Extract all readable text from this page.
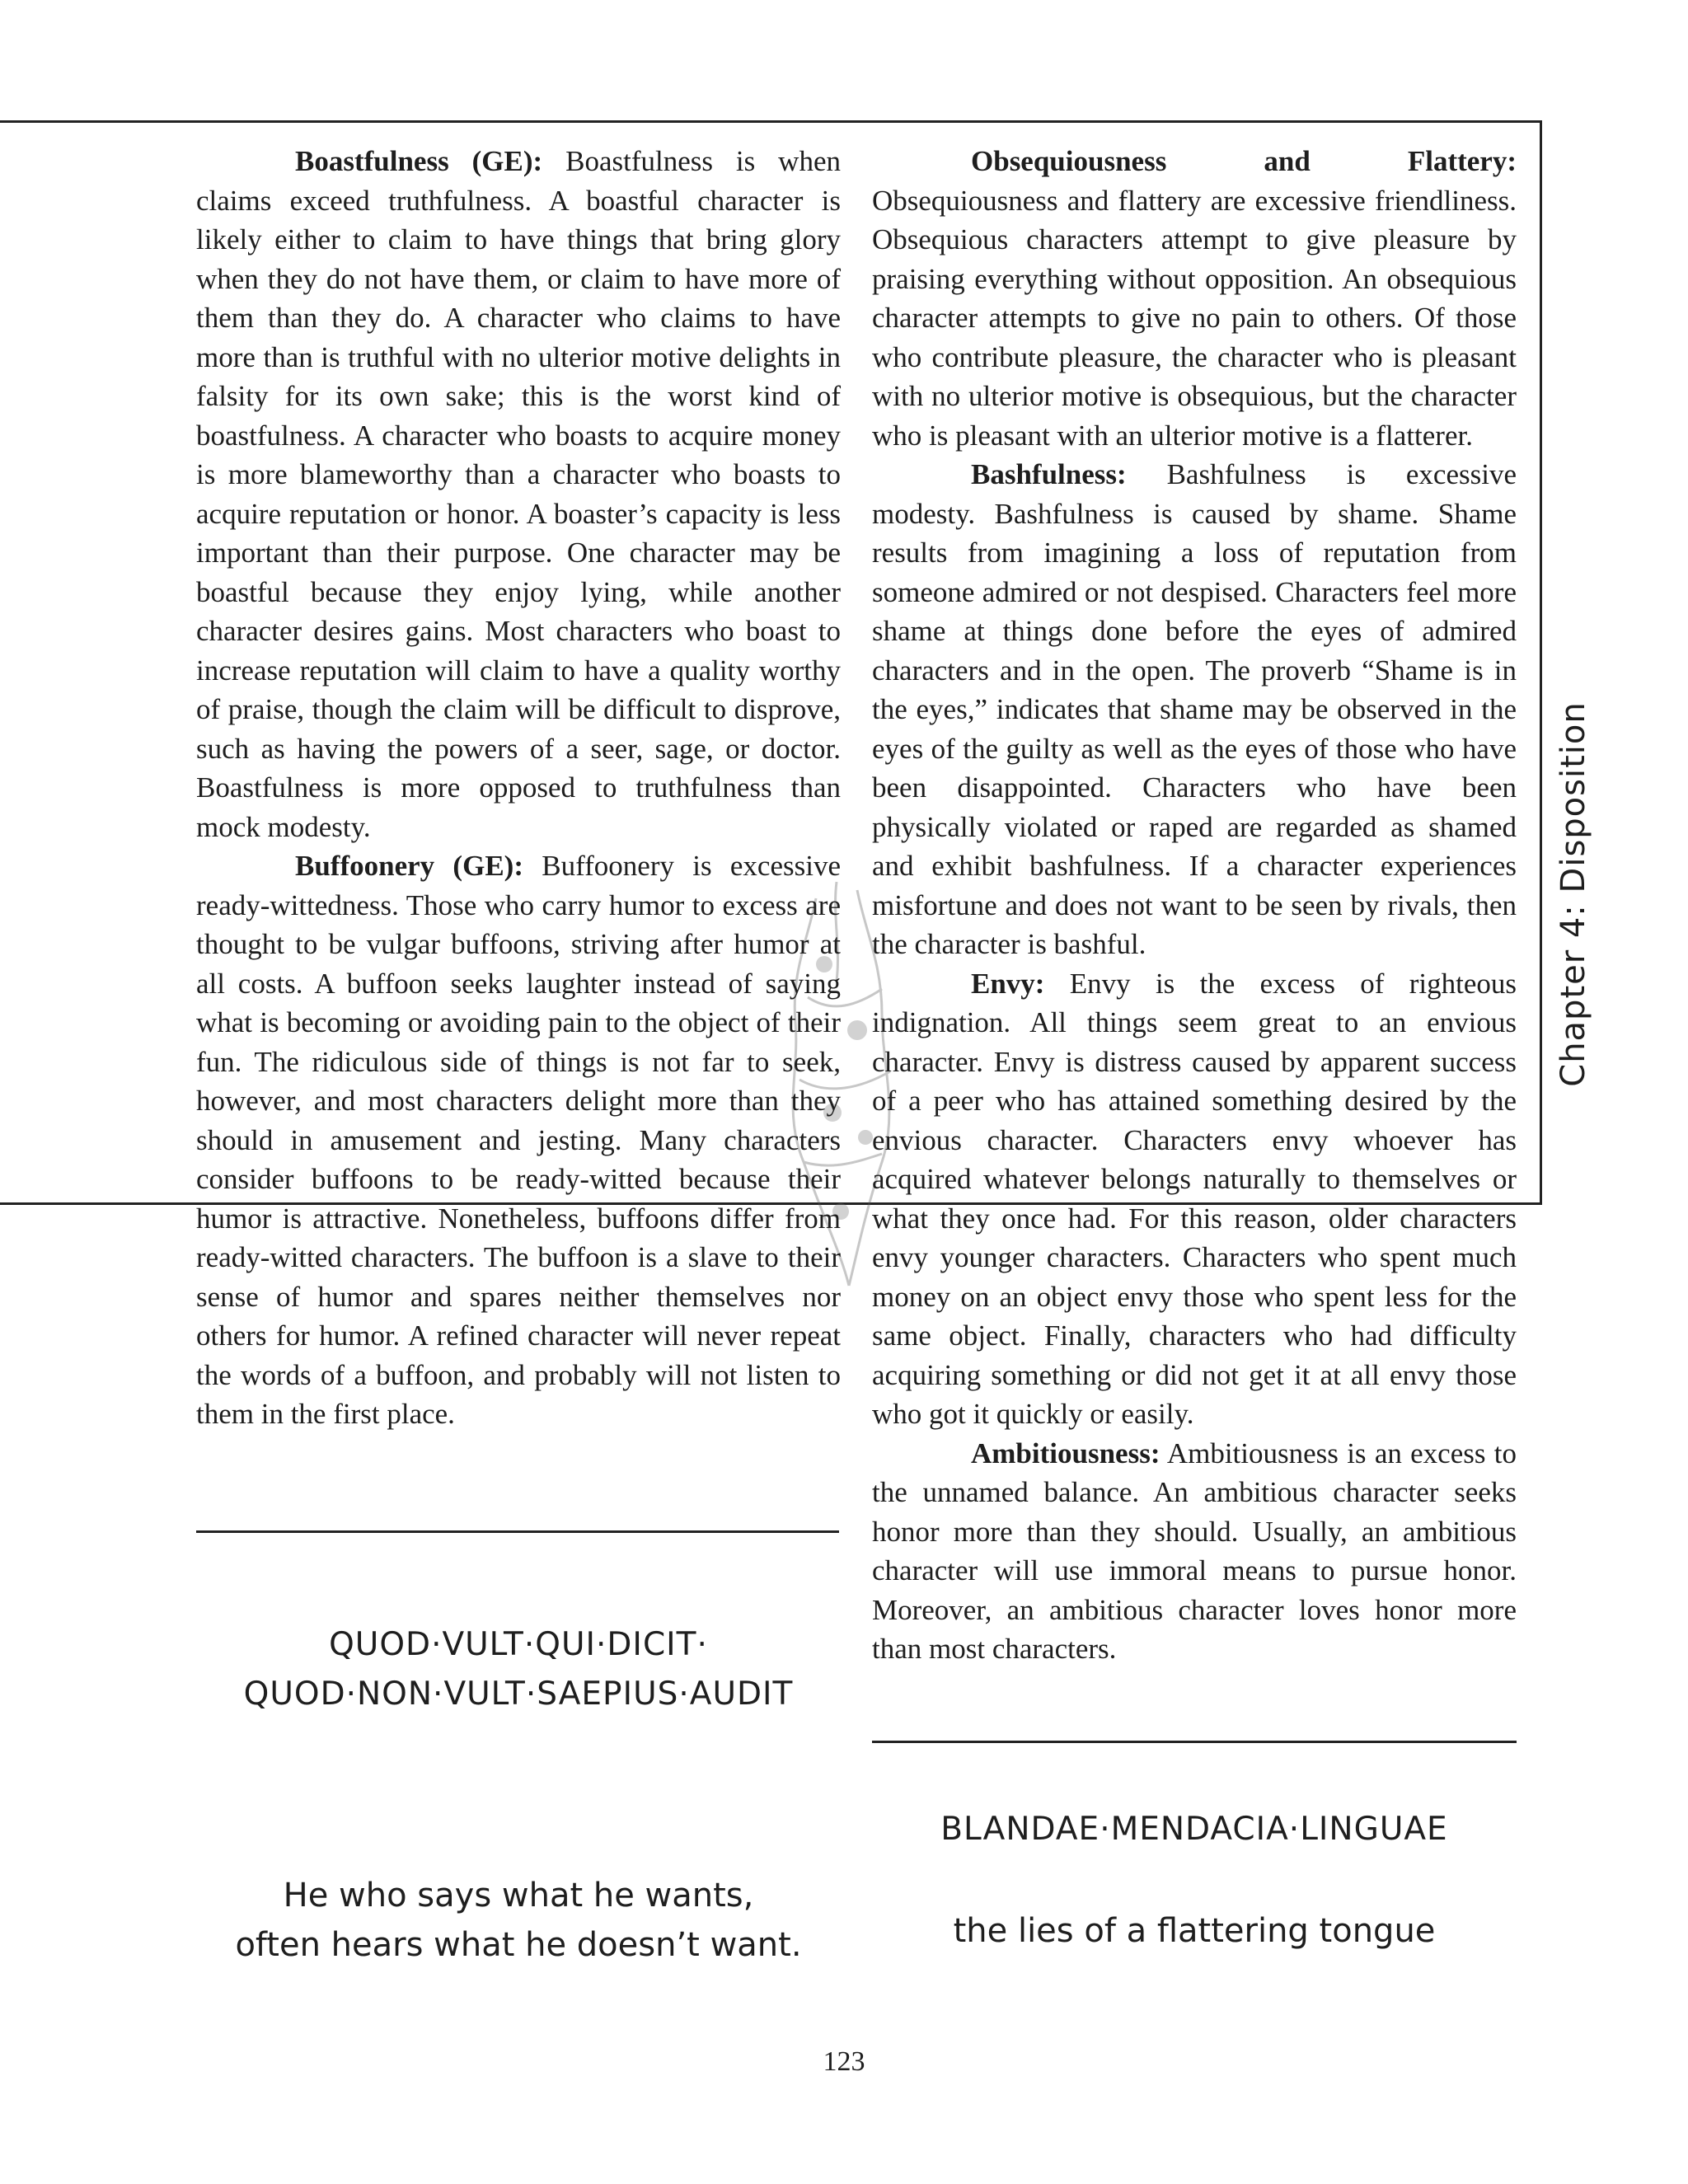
Boastfulness (GE): Boastfulness is when claims exceed truthfulness. A boastful character is likely either to claim to have things that bring glory when they do not have them, or claim to have more of them than they do. A character who claims to have more than is truthful with no ulterior motive delights in falsity for its own sake; this is the worst kind of boastfulness. A character who boasts to acquire money is more blameworthy than a character who boasts to acquire reputation or honor. A boaster’s capacity is less important than their purpose. One character may be boastful because they enjoy lying, while another character desires gains. Most characters who boast to increase reputation will claim to have a quality worthy of praise, though the claim will be difficult to disprove, such as having the powers of a seer, sage, or doctor. Boastfulness is more opposed to truthfulness than mock modesty.

Buffoonery (GE): Buffoonery is excessive ready-wittedness. Those who carry humor to excess are thought to be vulgar buffoons, striving after humor at all costs. A buffoon seeks laughter instead of saying what is becoming or avoiding pain to the object of their fun. The ridiculous side of things is not far to seek, however, and most characters delight more than they should in amusement and jesting. Many characters consider buffoons to be ready-witted because their humor is attractive. Nonetheless, buffoons differ from ready-witted characters. The buffoon is a slave to their sense of humor and spares neither themselves nor others for humor. A refined character will never repeat the words of a buffoon, and probably will not listen to them in the first place.

Obsequiousness and Flattery: Obsequiousness and flattery are excessive friendliness. Obsequious characters attempt to give pleasure by praising everything without opposition. An obsequious character attempts to give no pain to others. Of those who contribute pleasure, the character who is pleasant with no ulterior motive is obsequious, but the character who is pleasant with an ulterior motive is a flatterer.

Bashfulness: Bashfulness is excessive modesty. Bashfulness is caused by shame. Shame results from imagining a loss of reputation from someone admired or not despised. Characters feel more shame at things done before the eyes of admired characters and in the open. The proverb “Shame is in the eyes,” indicates that shame may be observed in the eyes of the guilty as well as the eyes of those who have been disappointed. Characters who have been physically violated or raped are regarded as shamed and exhibit bashfulness. If a character experiences misfortune and does not want to be seen by rivals, then the character is bashful.

Envy: Envy is the excess of righteous indignation. All things seem great to an envious character. Envy is distress caused by apparent success of a peer who has attained something desired by the envious character. Characters envy whoever has acquired whatever belongs naturally to themselves or what they once had. For this reason, older characters envy younger characters. Characters who spent much money on an object envy those who spent less for the same object. Finally, characters who had difficulty acquiring something or did not get it at all envy those who got it quickly or easily.

Ambitiousness: Ambitiousness is an excess to the unnamed balance. An ambitious character seeks honor more than they should. Usually, an ambitious character will use immoral means to pursue honor. Moreover, an ambitious character loves honor more than most characters.

QUOD·VULT·QUI·DICIT·
QUOD·NON·VULT·SAEPIUS·AUDIT
He who says what he wants,
often hears what he doesn’t want.
BLANDAE·MENDACIA·LINGUAE
the lies of a flattering tongue
Chapter 4: Disposition
123
